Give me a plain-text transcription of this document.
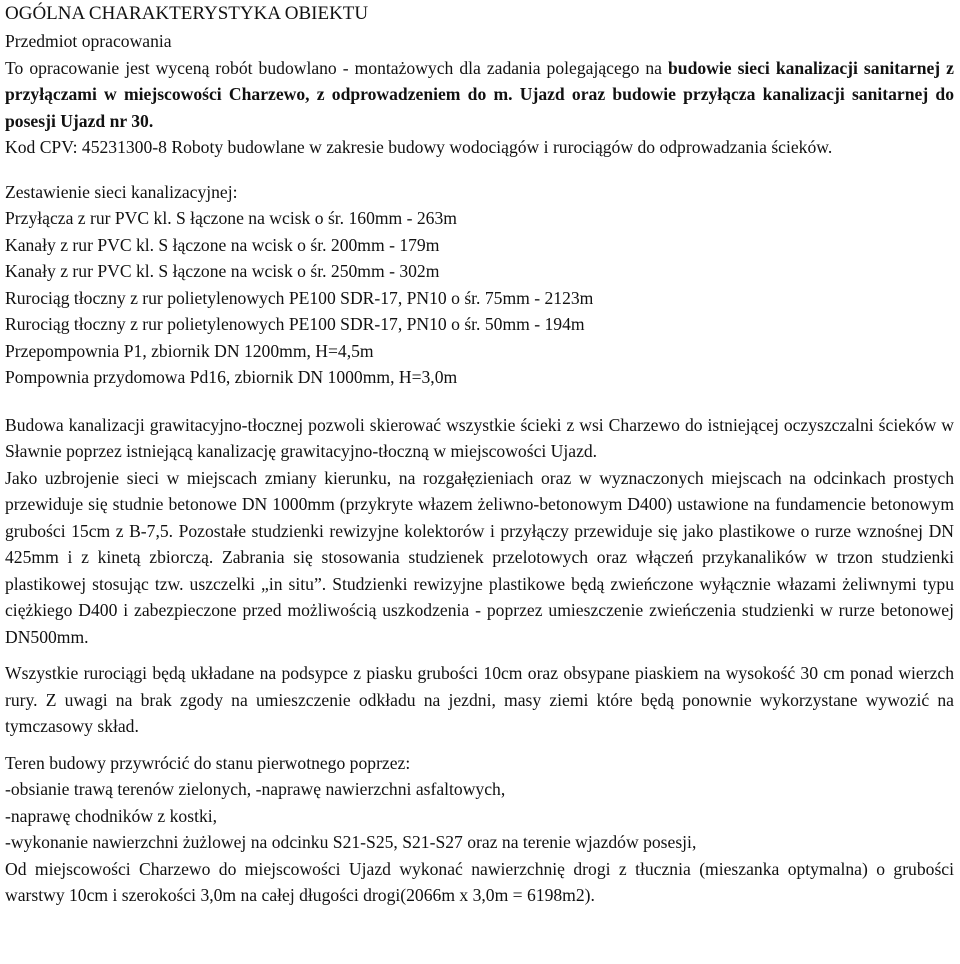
OGÓLNA CHARAKTERYSTYKA OBIEKTU
Przedmiot opracowania

To opracowanie jest wyceną robót budowlano - montażowych dla zadania polegającego na budowie sieci kanalizacji sanitarnej z przyłączami w miejscowości Charzewo, z odprowadzeniem do m. Ujazd oraz budowie przyłącza kanalizacji sanitarnej do posesji Ujazd nr 30.

Kod CPV: 45231300-8 Roboty budowlane w zakresie budowy wodociągów i rurociągów do odprowadzania ścieków.

Zestawienie sieci kanalizacyjnej:
Przyłącza z rur PVC kl. S łączone na wcisk o śr. 160mm - 263m
Kanały z rur PVC kl. S łączone na wcisk o śr. 200mm - 179m
Kanały z rur PVC kl. S łączone na wcisk o śr. 250mm - 302m
Rurociąg tłoczny z rur polietylenowych PE100 SDR-17, PN10 o śr. 75mm - 2123m
Rurociąg tłoczny z rur polietylenowych PE100 SDR-17, PN10 o śr. 50mm - 194m
Przepompownia P1, zbiornik DN 1200mm, H=4,5m
Pompownia przydomowa Pd16, zbiornik DN 1000mm, H=3,0m

Budowa kanalizacji grawitacyjno-tłocznej pozwoli skierować wszystkie ścieki z wsi Charzewo do istniejącej oczyszczalni ścieków w Sławnie poprzez istniejącą kanalizację grawitacyjno-tłoczną w miejscowości Ujazd.

Jako uzbrojenie sieci w miejscach zmiany kierunku, na rozgałęzieniach oraz w wyznaczonych miejscach na odcinkach prostych przewiduje się studnie betonowe DN 1000mm (przykryte włazem żeliwno-betonowym D400) ustawione na fundamencie betonowym grubości 15cm z B-7,5. Pozostałe studzienki rewizyjne kolektorów i przyłączy przewiduje się jako plastikowe o rurze wznośnej DN 425mm i z kinetą zbiorczą. Zabrania się stosowania studzienek przelotowych oraz włączeń przykanalików w trzon studzienki plastikowej stosując tzw. uszczelki „in situ”. Studzienki rewizyjne plastikowe będą zwieńczone wyłącznie włazami żeliwnymi typu ciężkiego D400 i zabezpieczone przed możliwością uszkodzenia - poprzez umieszczenie zwieńczenia studzienki w rurze betonowej DN500mm.

Wszystkie rurociągi będą układane na podsypce z piasku grubości 10cm oraz obsypane piaskiem na wysokość 30 cm ponad wierzch rury. Z uwagi na brak zgody na umieszczenie odkładu na jezdni, masy ziemi które będą ponownie wykorzystane wywozić na tymczasowy skład.

Teren budowy przywrócić do stanu pierwotnego poprzez:
-obsianie trawą terenów zielonych, -naprawę nawierzchni asfaltowych,
-naprawę chodników z kostki,
-wykonanie nawierzchni żużlowej na odcinku S21-S25, S21-S27 oraz na terenie wjazdów posesji,

Od miejscowości Charzewo do miejscowości Ujazd wykonać nawierzchnię drogi z tłucznia (mieszanka optymalna) o grubości warstwy 10cm i szerokości 3,0m na całej długości drogi(2066m x 3,0m = 6198m2).
